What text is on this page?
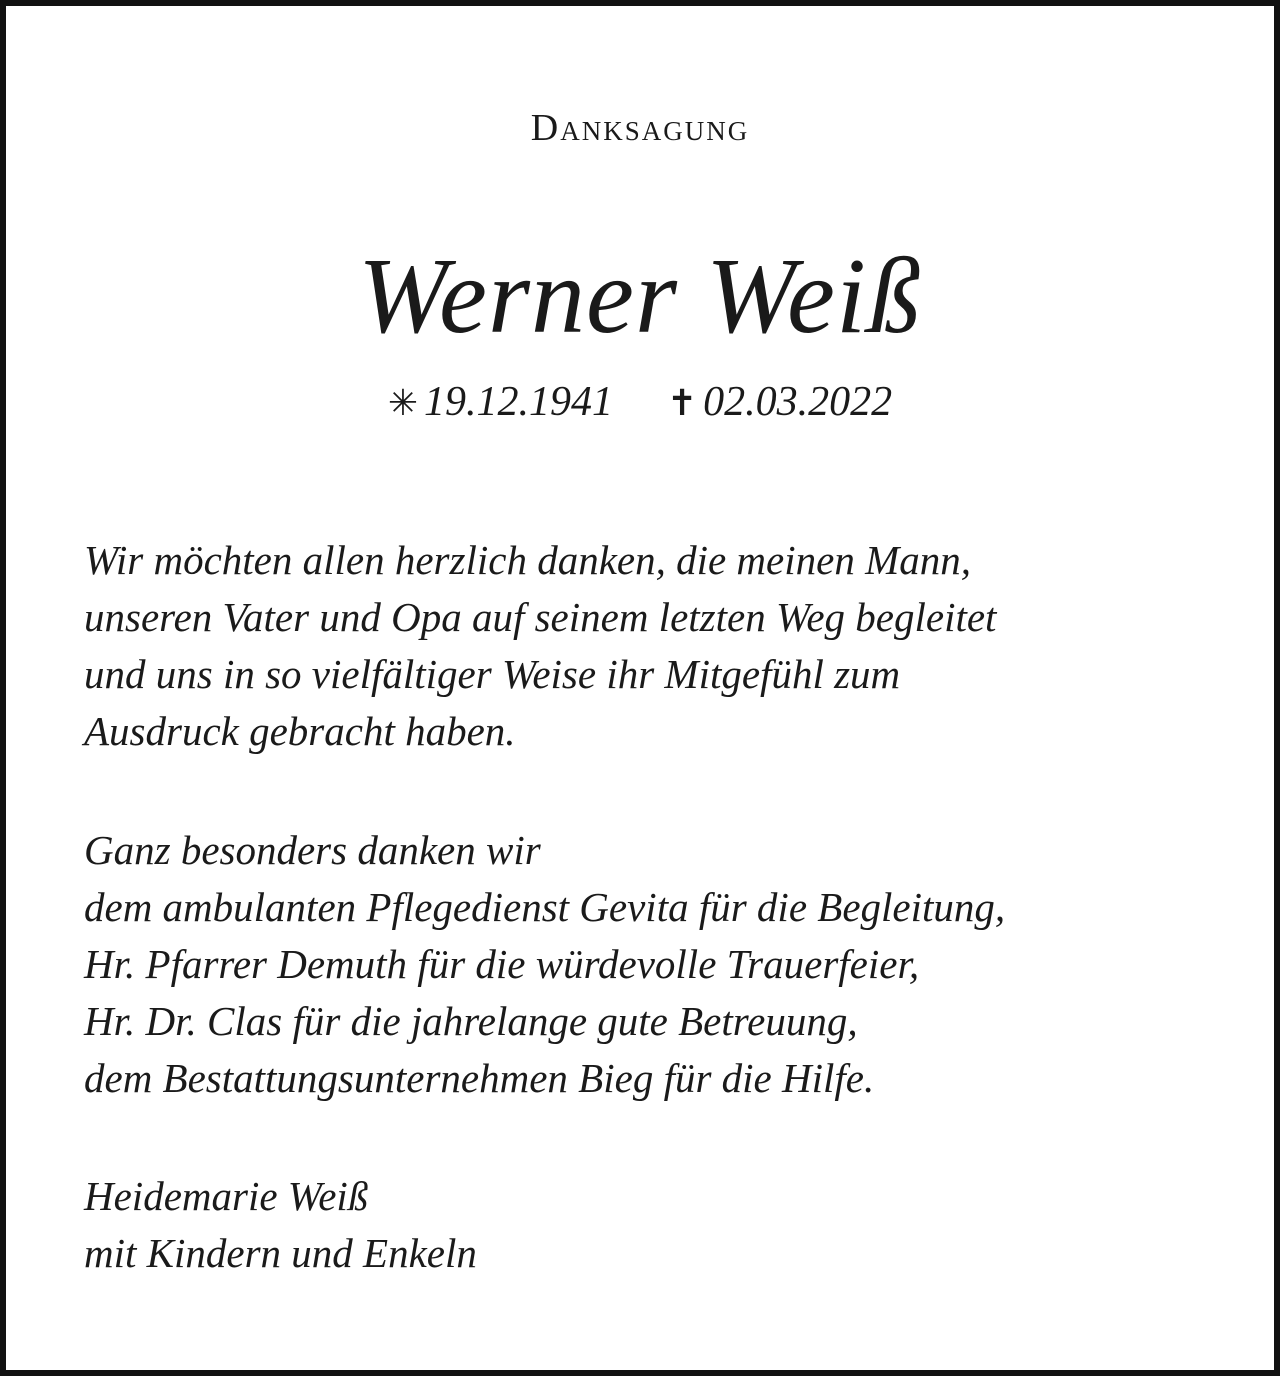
Danksagung
Werner Weiß
✳ 19.12.1941 ✝ 02.03.2022
Wir möchten allen herzlich danken, die meinen Mann,
unseren Vater und Opa auf seinem letzten Weg begleitet
und uns in so vielfältiger Weise ihr Mitgefühl zum
Ausdruck gebracht haben.
Ganz besonders danken wir
dem ambulanten Pflegedienst Gevita für die Begleitung,
Hr. Pfarrer Demuth für die würdevolle Trauerfeier,
Hr. Dr. Clas für die jahrelange gute Betreuung,
dem Bestattungsunternehmen Bieg für die Hilfe.
Heidemarie Weiß
mit Kindern und Enkeln
